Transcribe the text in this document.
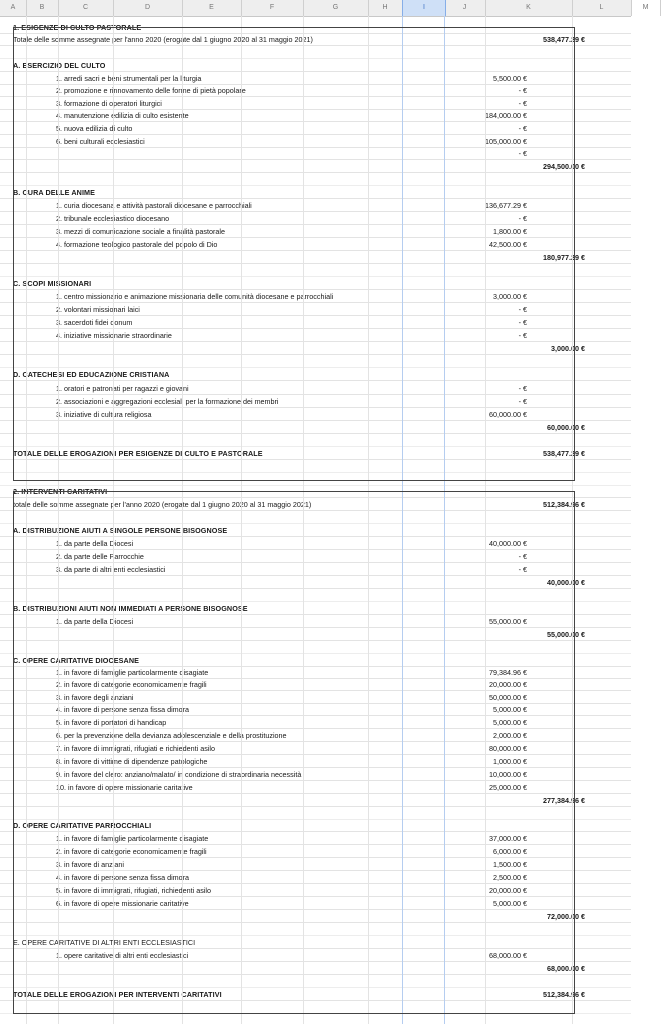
A	B	C	D	E	F	G	H	I	J	K	L	M
1. ESIGENZE DI CULTO PASTORALE
Totale delle somme assegnate per l'anno 2020 (erogate dal 1 giugno 2020 al 31 maggio 2021)	538,477.29 €
A. ESERCIZIO DEL CULTO
1. arredi sacri e beni strumentali per la liturgia	5,500.00 €
2. promozione e rinnovamento delle forme di pietà popolare	- €
3. formazione di operatori liturgici	- €
4. manutenzione edilizia di culto esistente	184,000.00 €
5. nuova edilizia di culto	- €
6. beni culturali ecclesiastici	105,000.00 €
- €
294,500.00 €
B. CURA DELLE ANIME
1. curia diocesana e attività pastorali diocesane e parrocchiali	136,677.29 €
2. tribunale ecclesiastico diocesano	- €
3. mezzi di comunicazione sociale a finalità pastorale	1,800.00 €
4. formazione teologico pastorale del popolo di Dio	42,500.00 €
180,977.29 €
C. SCOPI MISSIONARI
1. centro missionario e animazione missionaria delle comunità diocesane e parrocchiali	3,000.00 €
2. volontari missionari laici	- €
3. sacerdoti fidei donum	- €
4. iniziative missionarie straordinarie	- €
3,000.00 €
D. CATECHESI ED EDUCAZIONE CRISTIANA
1. oratori e patronati per ragazzi e giovani	- €
2. associazioni e aggregazioni ecclesiali per la formazione dei membri	- €
3. iniziative di cultura religiosa	60,000.00 €
60,000.00 €
TOTALE DELLE EROGAZIONI PER ESIGENZE DI CULTO E PASTORALE	538,477.29 €
2. INTERVENTI CARITATIVI
totale delle somme assegnate per l'anno 2020 (erogate dal 1 giugno 2020 al 31 maggio 2021)	512,384.96 €
A. DISTRIBUZIONE AIUTI A SINGOLE PERSONE BISOGNOSE
1. da parte della Diocesi	40,000.00 €
2. da parte delle Parrocchie	- €
3. da parte di altri enti ecclesiastici	- €
40,000.00 €
B. DISTRIBUZIONI AIUTI NON IMMEDIATI A PERSONE BISOGNOSE
1. da parte della Diocesi	55,000.00 €
55,000.00 €
C. OPERE CARITATIVE DIOCESANE
1. in favore di famiglie particolarmente disagiate	79,384.96 €
2. in favore di categorie economicamente fragili	20,000.00 €
3. in favore degli anziani	50,000.00 €
4. in favore di persone senza fissa dimora	5,000.00 €
5. in favore di portatori di handicap	5,000.00 €
6. per la prevenzione della devianza adolescenziale e della prostituzione	2,000.00 €
7. in favore di immigrati, rifugiati e richiedenti asilo	80,000.00 €
8. in favore di vittime di dipendenze patologiche	1,000.00 €
9. in favore del clero: anziano/malato/ in condizione di straordinaria necessità	10,000.00 €
10. in favore di opere missionarie caritative	25,000.00 €
277,384.96 €
D. OPERE CARITATIVE PARROCCHIALI
1. in favore di famiglie particolarmente disagiate	37,000.00 €
2. in favore di categorie economicamente fragili	6,000.00 €
3. in favore di anziani	1,500.00 €
4. in favore di persone senza fissa dimora	2,500.00 €
5. in favore di immigrati, rifugiati, richiedenti asilo	20,000.00 €
6. in favore di opere missionarie caritative	5,000.00 €
72,000.00 €
E. OPERE CARITATIVE DI ALTRI ENTI ECCLESIASTICI
1. opere caritative di altri enti ecclesiastici	68,000.00 €
68,000.00 €
TOTALE DELLE EROGAZIONI PER INTERVENTI CARITATIVI	512,384.96 €
